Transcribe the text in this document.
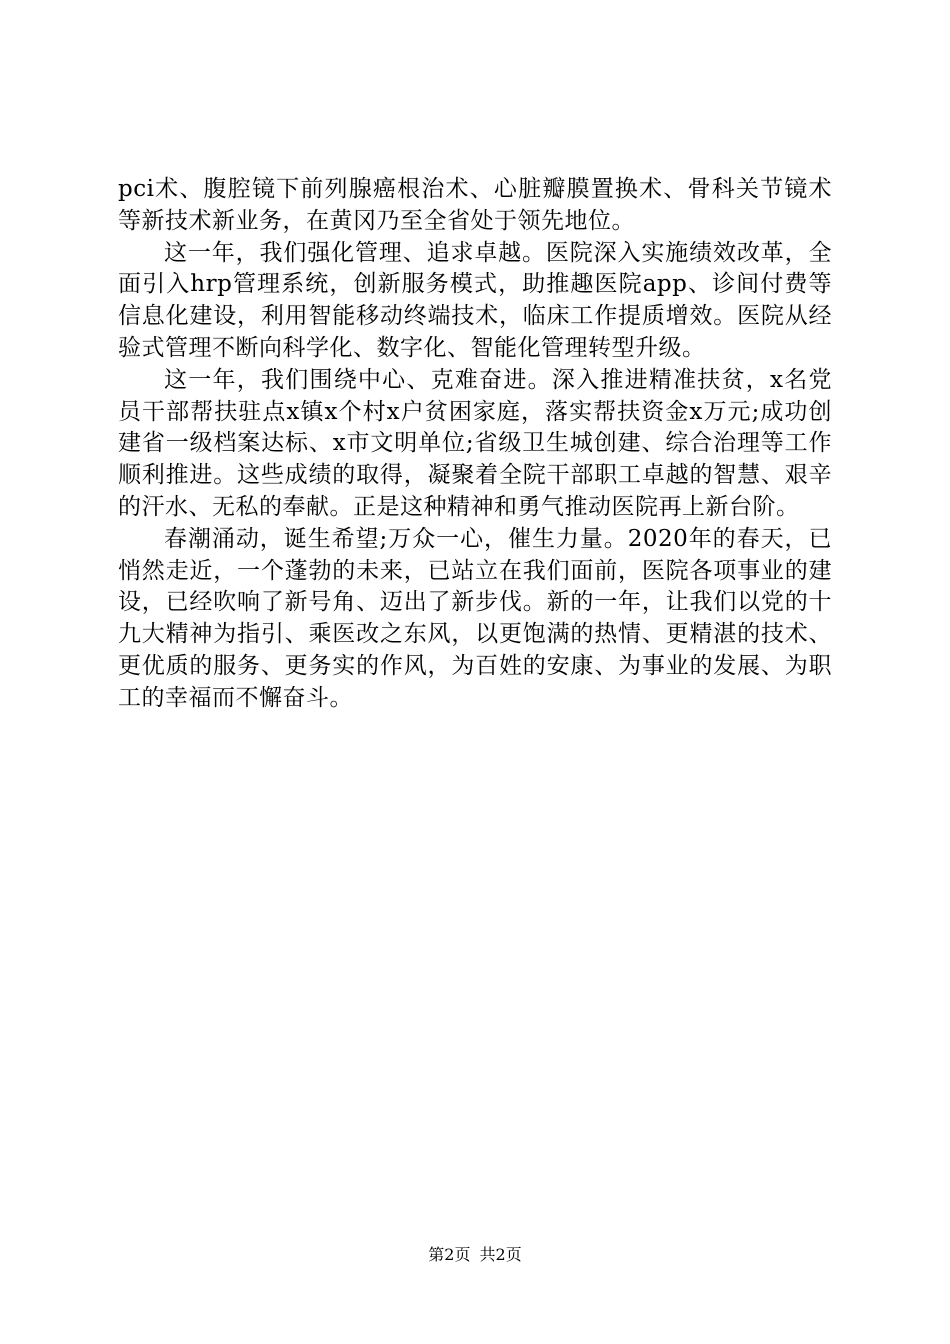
pci术、腹腔镜下前列腺癌根治术、心脏瓣膜置换术、骨科关节镜术等新技术新业务，在黄冈乃至全省处于领先地位。

这一年，我们强化管理、追求卓越。医院深入实施绩效改革，全面引入hrp管理系统，创新服务模式，助推趣医院app、诊间付费等信息化建设，利用智能移动终端技术，临床工作提质增效。医院从经验式管理不断向科学化、数字化、智能化管理转型升级。

这一年，我们围绕中心、克难奋进。深入推进精准扶贫，x名党员干部帮扶驻点x镇x个村x户贫困家庭，落实帮扶资金x万元;成功创建省一级档案达标、x市文明单位;省级卫生城创建、综合治理等工作顺利推进。这些成绩的取得，凝聚着全院干部职工卓越的智慧、艰辛的汗水、无私的奉献。正是这种精神和勇气推动医院再上新台阶。

春潮涌动，诞生希望;万众一心，催生力量。2020年的春天，已悄然走近，一个蓬勃的未来，已站立在我们面前，医院各项事业的建设，已经吹响了新号角、迈出了新步伐。新的一年，让我们以党的十九大精神为指引、乘医改之东风，以更饱满的热情、更精湛的技术、更优质的服务、更务实的作风，为百姓的安康、为事业的发展、为职工的幸福而不懈奋斗。

第2页 共2页
